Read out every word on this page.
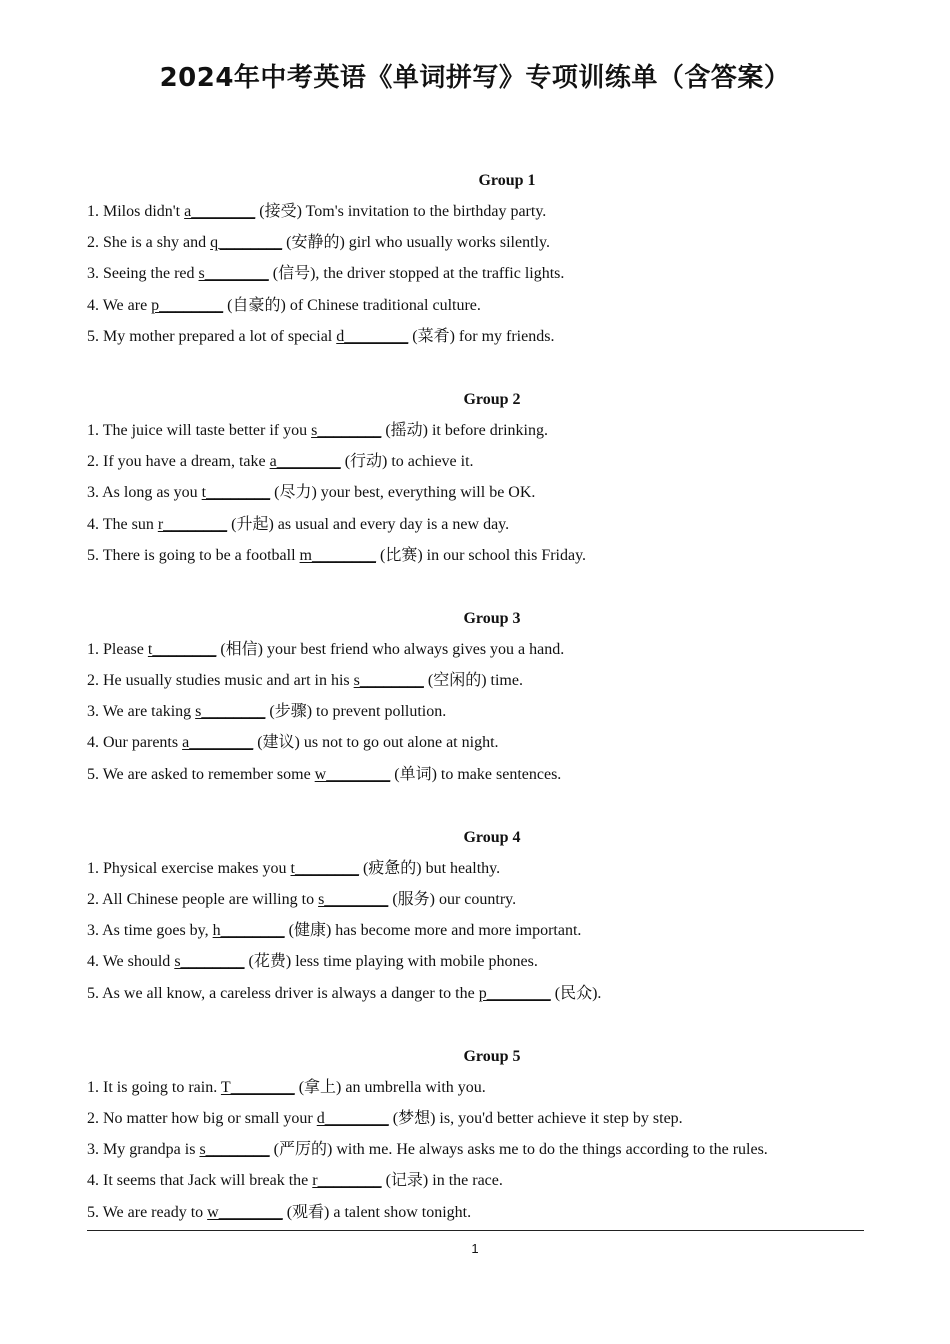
2024年中考英语《单词拼写》专项训练单（含答案）
Group 1
1. Milos didn't a________ (接受) Tom's invitation to the birthday party.
2. She is a shy and q________ (安静的) girl who usually works silently.
3. Seeing the red s________ (信号), the driver stopped at the traffic lights.
4. We are p________ (自豪的) of Chinese traditional culture.
5. My mother prepared a lot of special d________ (菜肴) for my friends.
Group 2
1. The juice will taste better if you s________ (摇动) it before drinking.
2. If you have a dream, take a________ (行动) to achieve it.
3. As long as you t________ (尽力) your best, everything will be OK.
4. The sun r________ (升起) as usual and every day is a new day.
5. There is going to be a football m________ (比赛) in our school this Friday.
Group 3
1. Please t________ (相信) your best friend who always gives you a hand.
2. He usually studies music and art in his s________ (空闲的) time.
3. We are taking s________ (步骤) to prevent pollution.
4. Our parents a________ (建议) us not to go out alone at night.
5. We are asked to remember some w________ (单词) to make sentences.
Group 4
1. Physical exercise makes you t________ (疲惫的) but healthy.
2. All Chinese people are willing to s________ (服务) our country.
3. As time goes by, h________ (健康) has become more and more important.
4. We should s________ (花费) less time playing with mobile phones.
5. As we all know, a careless driver is always a danger to the p________ (民众).
Group 5
1. It is going to rain. T________ (拿上) an umbrella with you.
2. No matter how big or small your d________ (梦想) is, you'd better achieve it step by step.
3. My grandpa is s________ (严厉的) with me. He always asks me to do the things according to the rules.
4. It seems that Jack will break the r________ (记录) in the race.
5. We are ready to w________ (观看) a talent show tonight.
1
